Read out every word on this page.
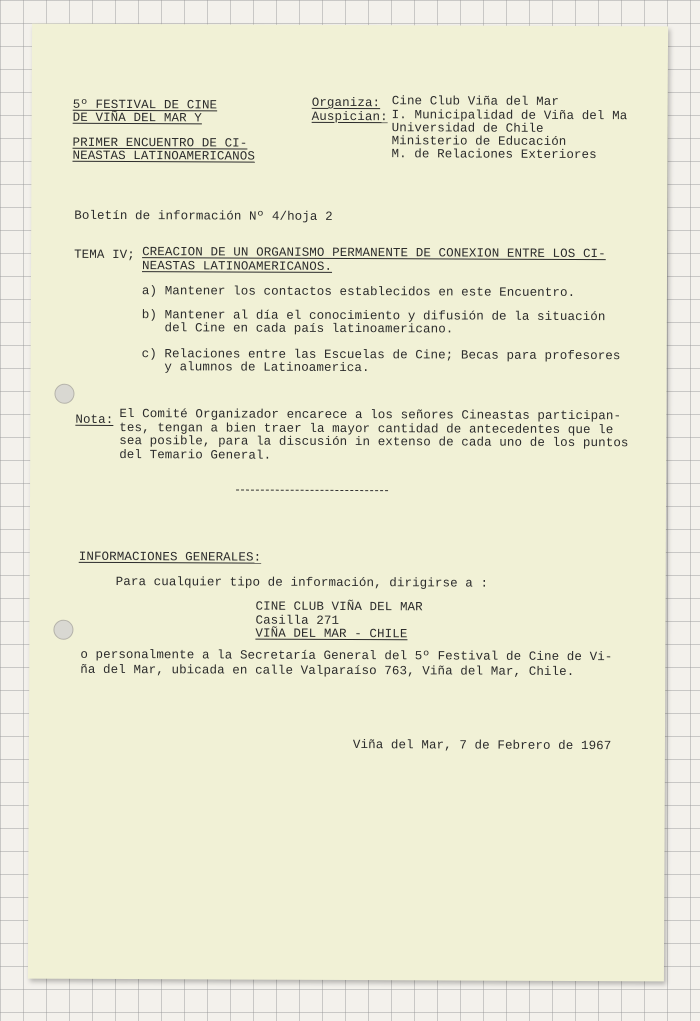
5º FESTIVAL DE CINE
DE VIÑA DEL MAR Y
PRIMER ENCUENTRO DE CI-
NEASTAS LATINOAMERICANOS
Organiza: Cine Club Viña del Mar
Auspician: I. Municipalidad de Viña del Ma
Universidad de Chile
Ministerio de Educación
M. de Relaciones Exteriores
Boletín de información Nº 4/hoja 2
TEMA IV; CREACION DE UN ORGANISMO PERMANENTE DE CONEXION ENTRE LOS CI-
NEASTAS LATINOAMERICANOS.
a) Mantener los contactos establecidos en este Encuentro.
b) Mantener al día el conocimiento y difusión de la situación
del Cine en cada país latinoamericano.
c) Relaciones entre las Escuelas de Cine; Becas para profesores
y alumnos de Latinoamerica.
Nota: El Comité Organizador encarece a los señores Cineastas participan-
tes, tengan a bien traer la mayor cantidad de antecedentes que le
sea posible, para la discusión in extenso de cada uno de los puntos
del Temario General.
INFORMACIONES GENERALES:
Para cualquier tipo de información, dirigirse a :
CINE CLUB VIÑA DEL MAR
Casilla 271
VIÑA DEL MAR - CHILE
o personalmente a la Secretaría General del 5º Festival de Cine de Vi-
ña del Mar, ubicada en calle Valparaíso 763, Viña del Mar, Chile.
Viña del Mar, 7 de Febrero de 1967
